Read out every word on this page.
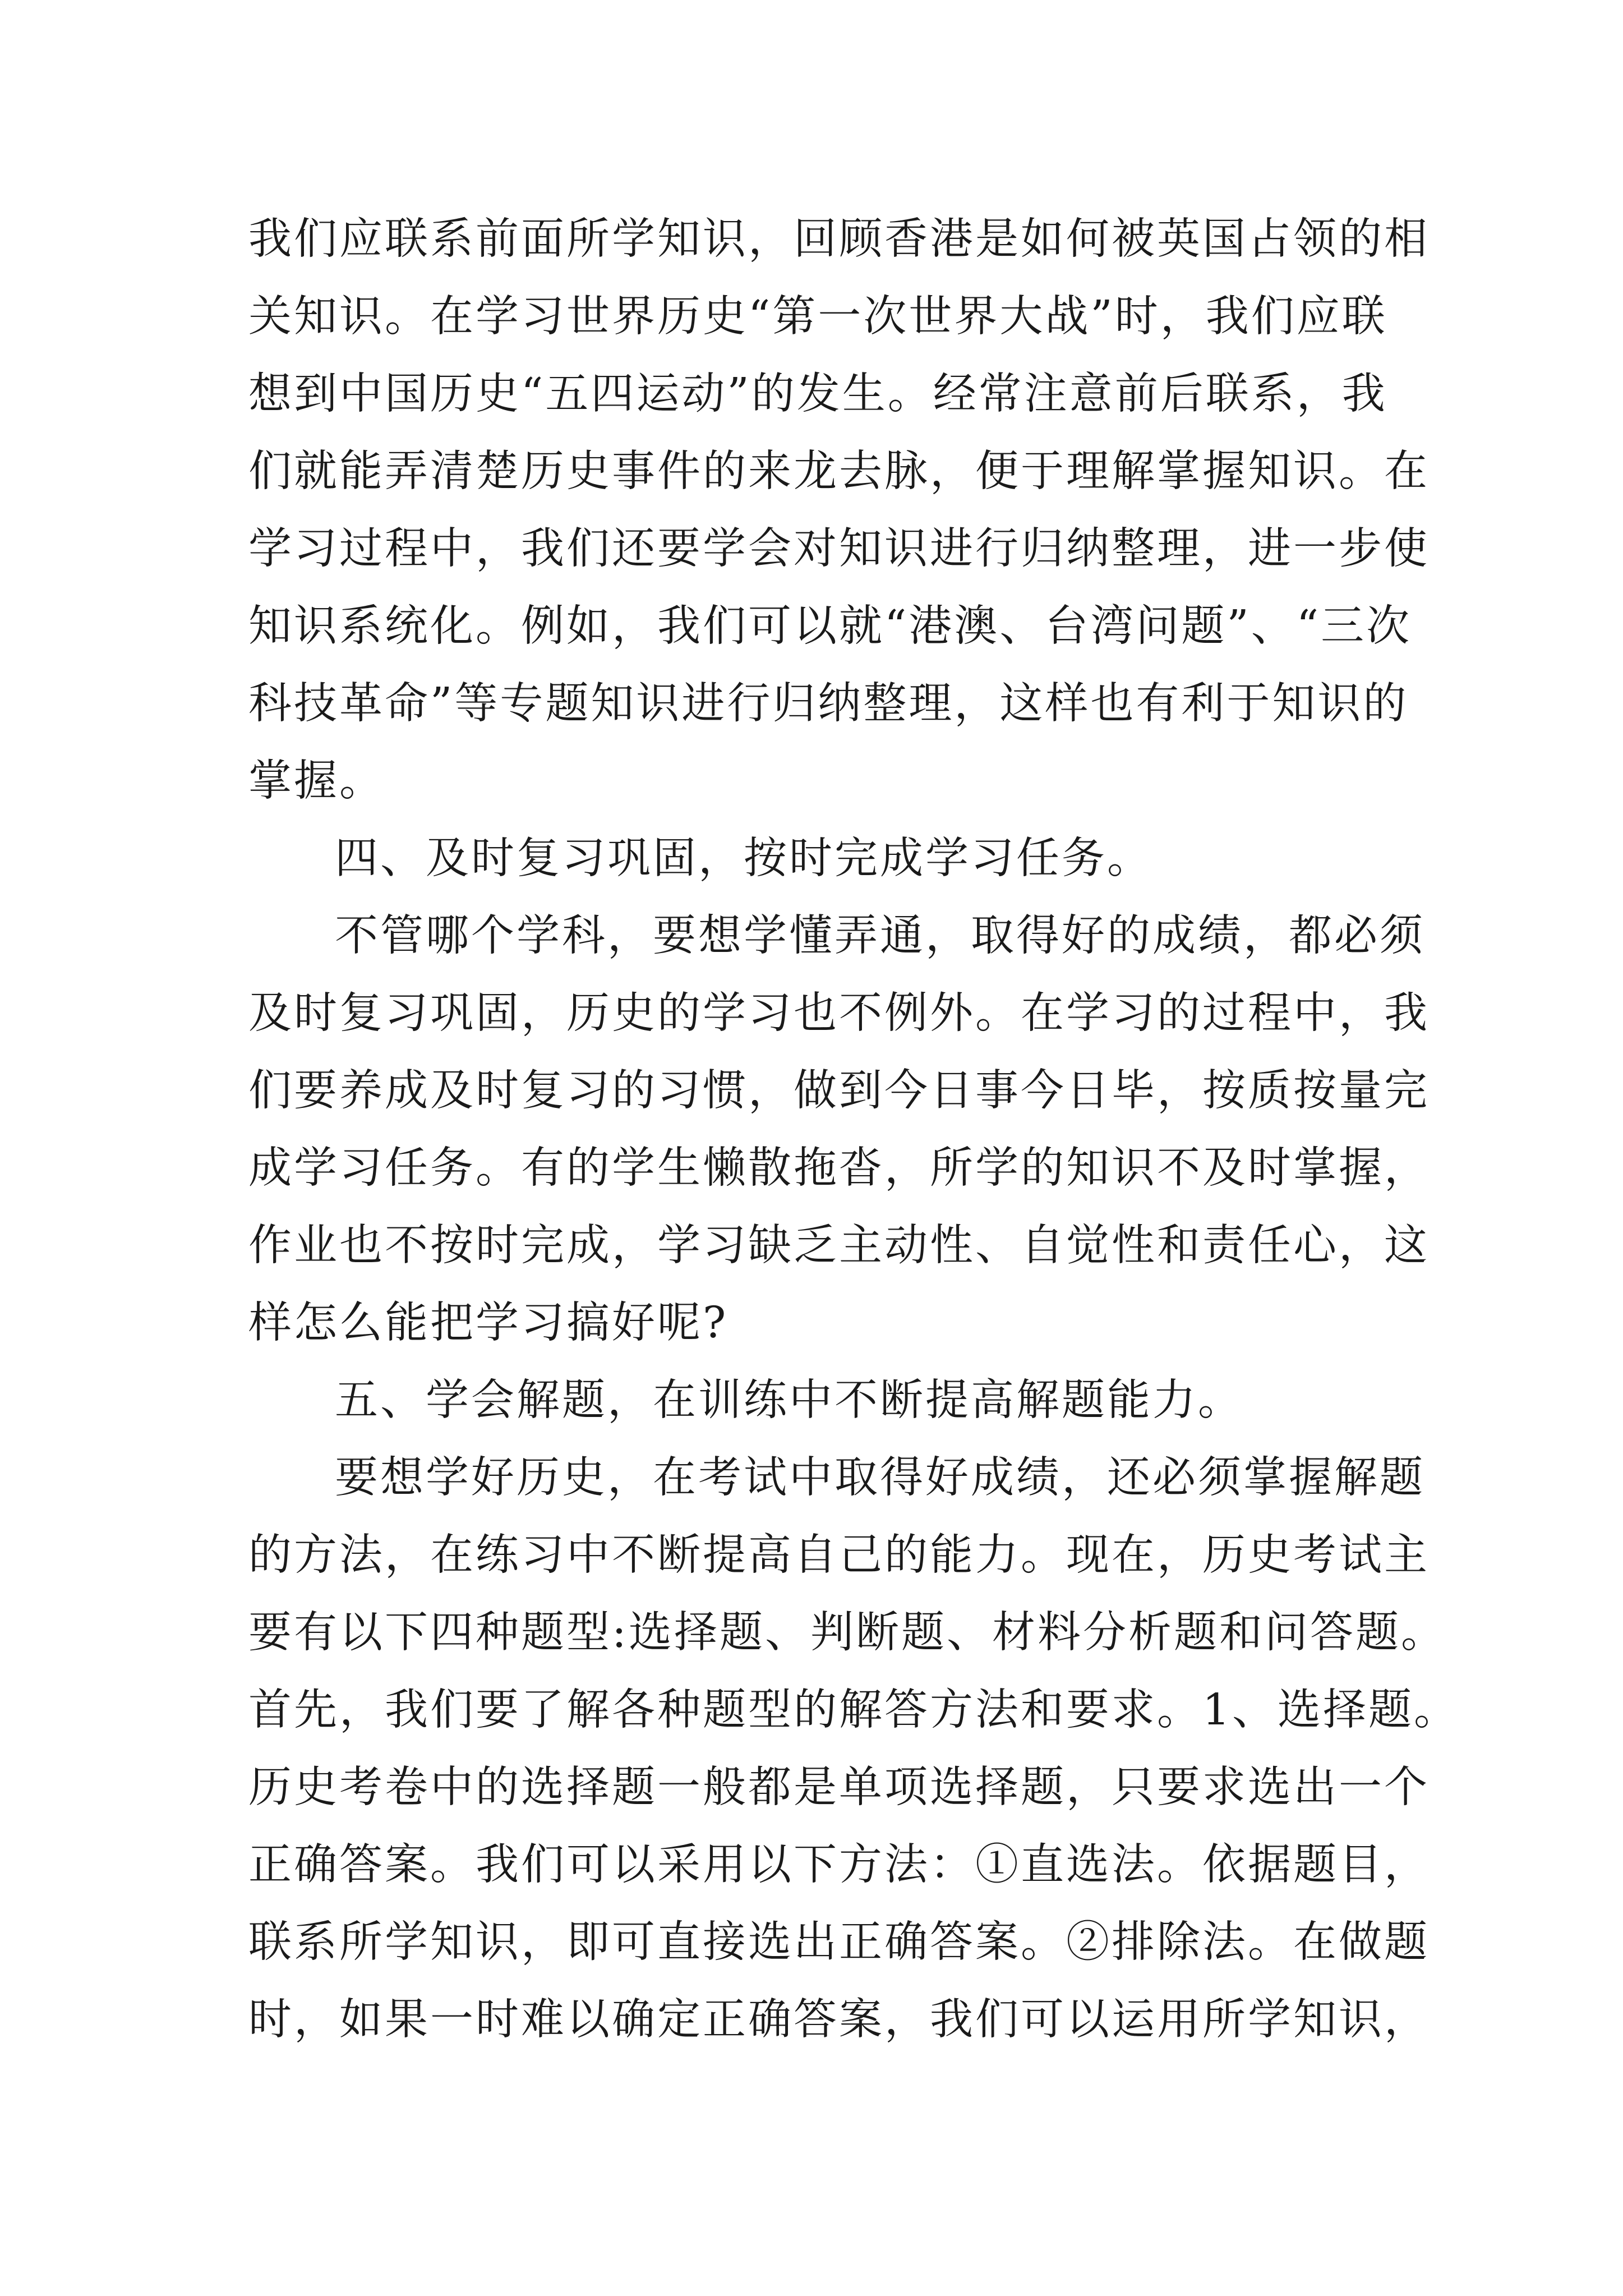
我们应联系前面所学知识，回顾香港是如何被英国占领的相
关知识。在学习世界历史“第一次世界大战”时，我们应联
想到中国历史“五四运动”的发生。经常注意前后联系，我
们就能弄清楚历史事件的来龙去脉，便于理解掌握知识。在
学习过程中，我们还要学会对知识进行归纳整理，进一步使
知识系统化。例如，我们可以就“港澳、台湾问题”、“三次
科技革命”等专题知识进行归纳整理，这样也有利于知识的
掌握。
四、及时复习巩固，按时完成学习任务。
不管哪个学科，要想学懂弄通，取得好的成绩，都必须
及时复习巩固，历史的学习也不例外。在学习的过程中，我
们要养成及时复习的习惯，做到今日事今日毕，按质按量完
成学习任务。有的学生懒散拖沓，所学的知识不及时掌握，
作业也不按时完成，学习缺乏主动性、自觉性和责任心，这
样怎么能把学习搞好呢?
五、学会解题，在训练中不断提高解题能力。
要想学好历史，在考试中取得好成绩，还必须掌握解题
的方法，在练习中不断提高自己的能力。现在，历史考试主
要有以下四种题型:选择题、判断题、材料分析题和问答题。
首先，我们要了解各种题型的解答方法和要求。1、选择题。
历史考卷中的选择题一般都是单项选择题，只要求选出一个
正确答案。我们可以采用以下方法：①直选法。依据题目，
联系所学知识，即可直接选出正确答案。②排除法。在做题
时，如果一时难以确定正确答案，我们可以运用所学知识，
